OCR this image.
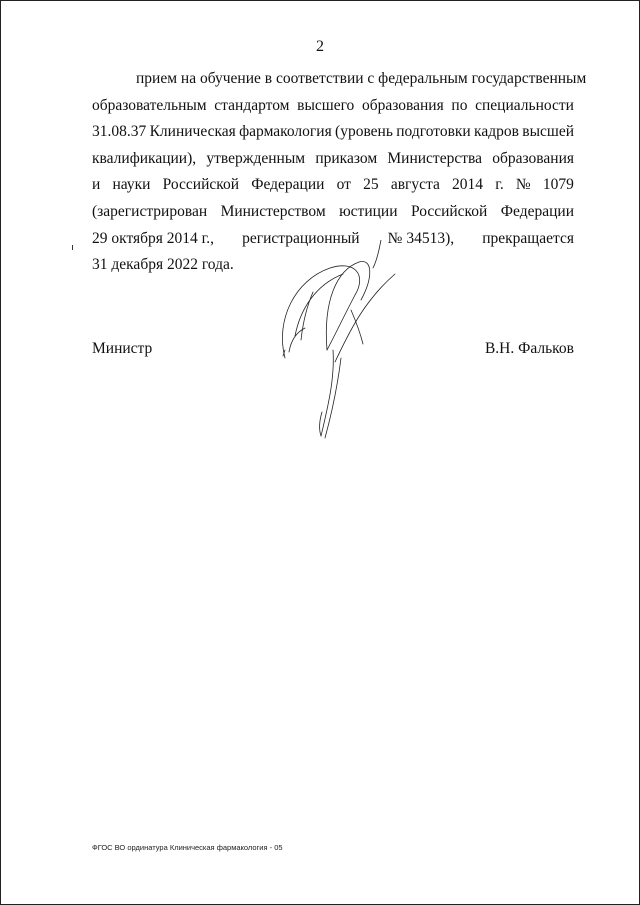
2
прием на обучение в соответствии с федеральным государственным
образовательным стандартом высшего образования по специальности
31.08.37 Клиническая фармакология (уровень подготовки кадров высшей
квалификации), утвержденным приказом Министерства образования
и науки Российской Федерации от 25 августа 2014 г. № 1079
(зарегистрирован Министерством юстиции Российской Федерации
29 октября 2014 г., регистрационный № 34513), прекращается
31 декабря 2022 года.
Министр	В.Н. Фальков
ФГОС ВО ординатура Клиническая фармакология - 05
